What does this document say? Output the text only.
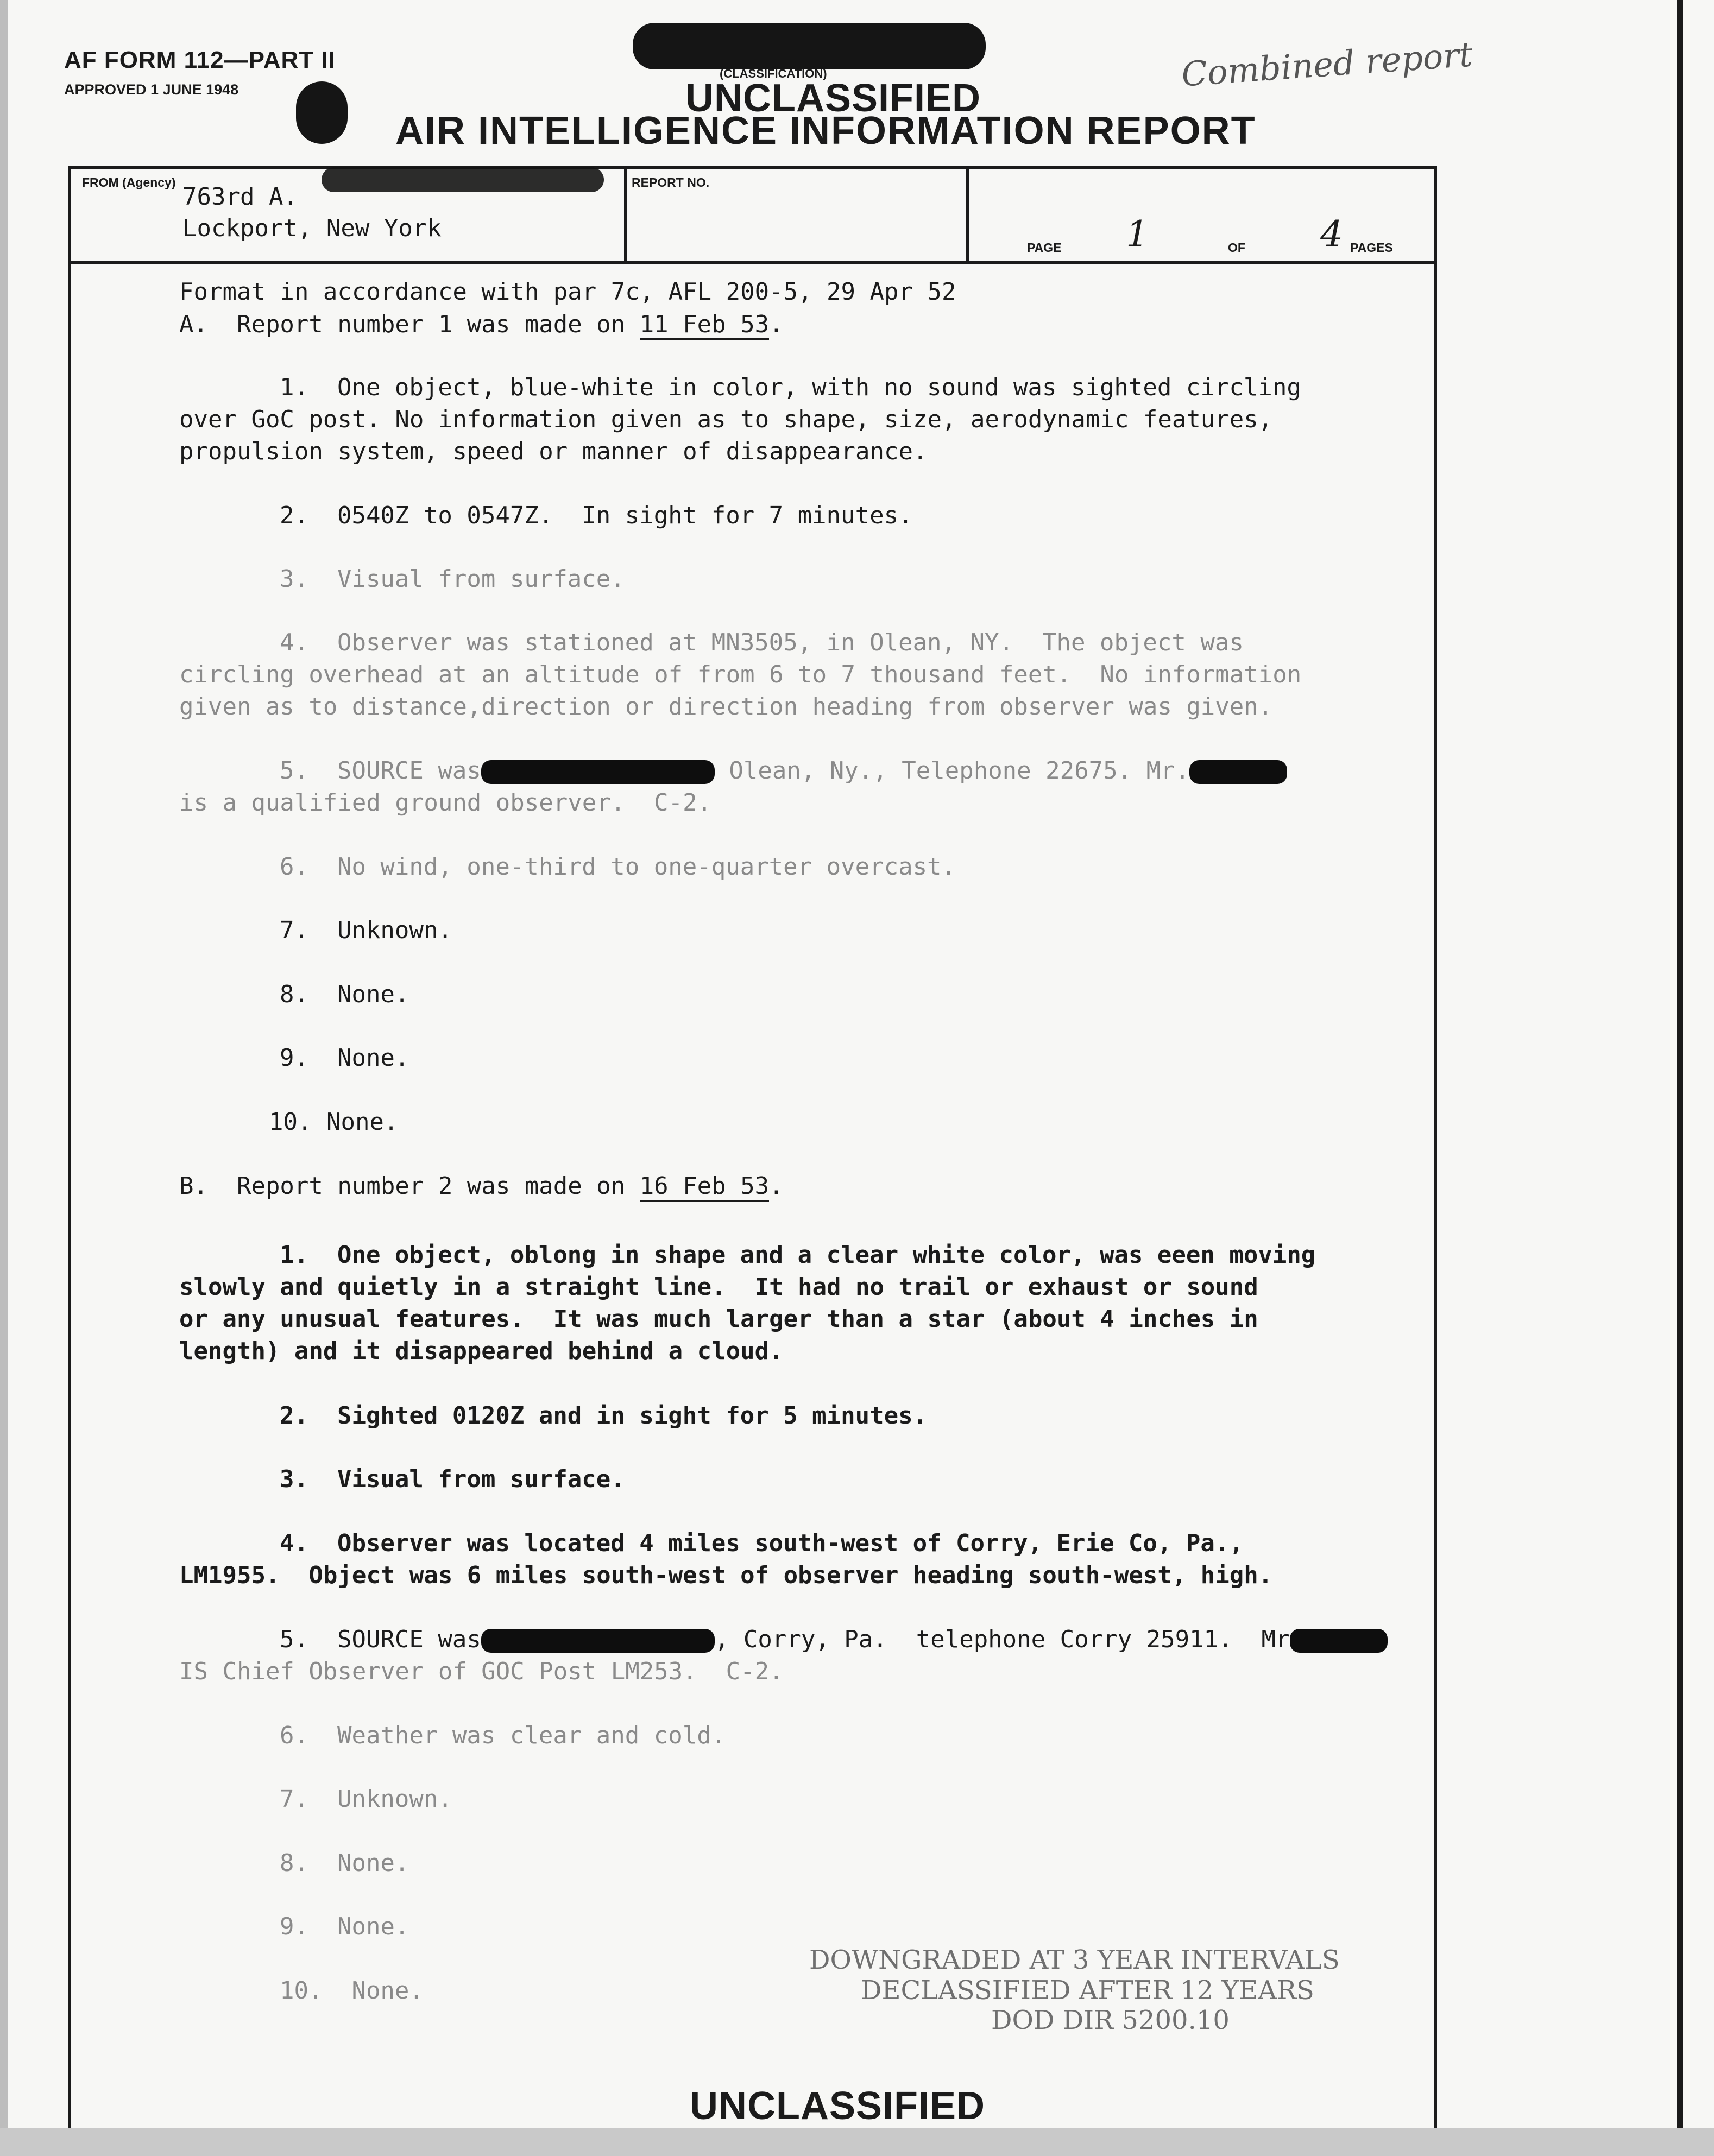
AF FORM 112—PART II
APPROVED 1 JUNE 1948
(CLASSIFICATION)
UNCLASSIFIED
AIR INTELLIGENCE INFORMATION REPORT
Combined report
FROM (Agency)
763rd A.
Lockport, New York
REPORT NO.
PAGE 1	OF 4 PAGES
Format in accordance with par 7c, AFL 200-5, 29 Apr 52
A.  Report number 1 was made on 11 Feb 53.
1.  One object, blue-white in color, with no sound was sighted circling
over GoC post. No information given as to shape, size, aerodynamic features,
propulsion system, speed or manner of disappearance.
2.  0540Z to 0547Z.  In sight for 7 minutes.
3.  Visual from surface.
4.  Observer was stationed at MN3505, in Olean, NY.  The object was
circling overhead at an altitude of from 6 to 7 thousand feet.  No information
given as to distance,direction or direction heading from observer was given.
5.  SOURCE was	Olean, Ny., Telephone 22675. Mr.
is a qualified ground observer.  C-2.
6.  No wind, one-third to one-quarter overcast.
7.  Unknown.
8.  None.
9.  None.
10. None.
B.  Report number 2 was made on 16 Feb 53.
1.  One object, oblong in shape and a clear white color, was eeen moving
slowly and quietly in a straight line.  It had no trail or exhaust or sound
or any unusual features.  It was much larger than a star (about 4 inches in
length) and it disappeared behind a cloud.
2.  Sighted 0120Z and in sight for 5 minutes.
3.  Visual from surface.
4.  Observer was located 4 miles south-west of Corry, Erie Co, Pa.,
LM1955.  Object was 6 miles south-west of observer heading south-west, high.
5.  SOURCE was	, Corry, Pa.  telephone Corry 25911.  Mr
IS Chief Observer of GOC Post LM253.  C-2.
6.  Weather was clear and cold.
7.  Unknown.
8.  None.
9.  None.
10.  None.
DOWNGRADED AT 3 YEAR INTERVALS
DECLASSIFIED AFTER 12 YEARS
DOD DIR 5200.10
UNCLASSIFIED
